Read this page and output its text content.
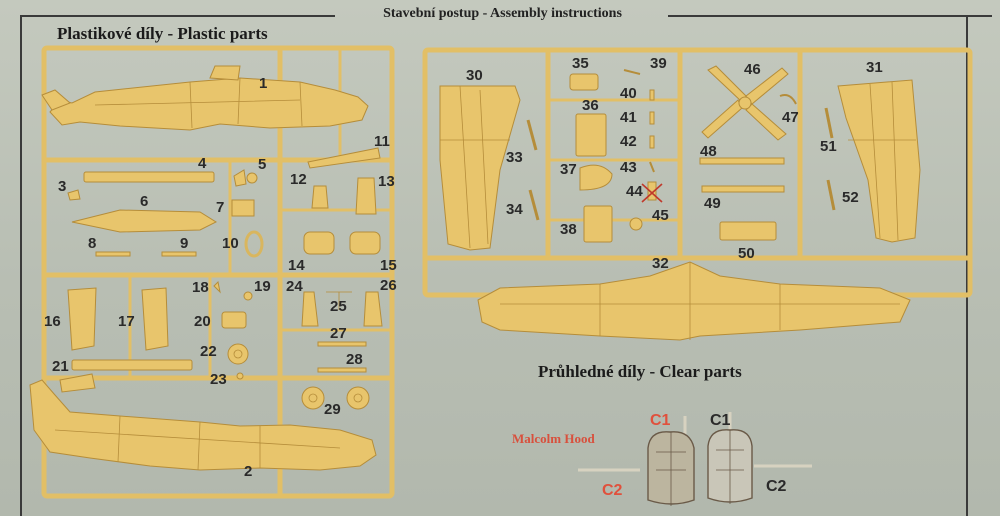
Stavební postup - Assembly instructions
Plastikové díly - Plastic parts
Průhledné díly - Clear parts
Malcolm Hood
1
2
3
4	5
6	7
8	9 10
11
12	13
14	15
16	17
18	19
20
21
22
23
24
25
26
27
28
29
30	31
32
33
34
35
36
37
38
39
40
41
42
43
44
45
46
47
48
49
50
51
52
C1
C2
C1
C2
